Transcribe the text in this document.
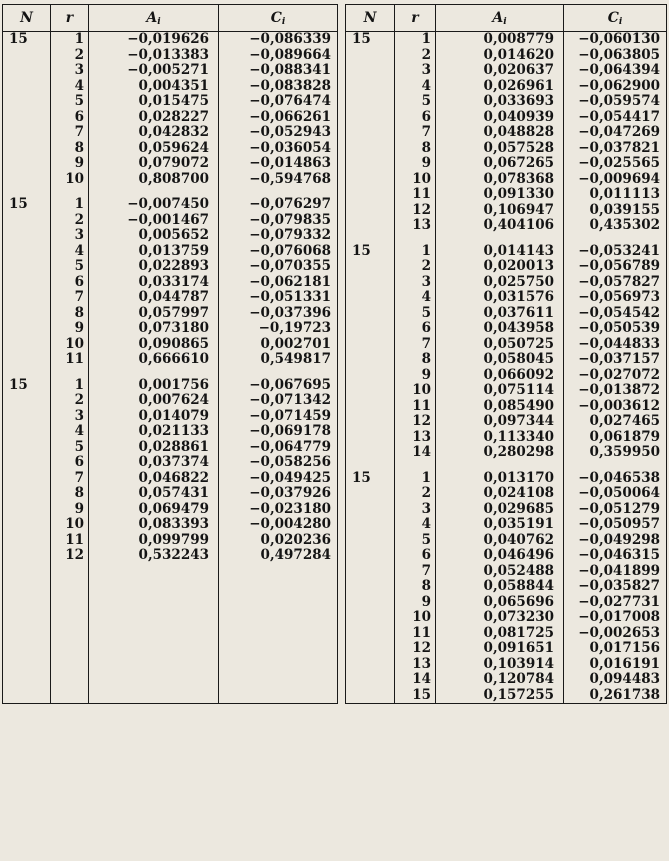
N	r	$A_i$	$C_i$
15	1	−0,019626	−0,086339
	2	−0,013383	−0,089664
	3	−0,005271	−0,088341
	4	0,004351	−0,083828
	5	0,015475	−0,076474
	6	0,028227	−0,066261
	7	0,042832	−0,052943
	8	0,059624	−0,036054
	9	0,079072	−0,014863
	10	0,808700	−0,594768

15	1	−0,007450	−0,076297
	2	−0,001467	−0,079835
	3	0,005652	−0,079332
	4	0,013759	−0,076068
	5	0,022893	−0,070355
	6	0,033174	−0,062181
	7	0,044787	−0,051331
	8	0,057997	−0,037396
	9	0,073180	−0,19723
	10	0,090865	0,002701
	11	0,666610	0,549817

15	1	0,001756	−0,067695
	2	0,007624	−0,071342
	3	0,014079	−0,071459
	4	0,021133	−0,069178
	5	0,028861	−0,064779
	6	0,037374	−0,058256
	7	0,046822	−0,049425
	8	0,057431	−0,037926
	9	0,069479	−0,023180
	10	0,083393	−0,004280
	11	0,099799	0,020236
	12	0,532243	0,497284

N	r	$A_i$	$C_i$
15	1	0,008779	−0,060130
	2	0,014620	−0,063805
	3	0,020637	−0,064394
	4	0,026961	−0,062900
	5	0,033693	−0,059574
	6	0,040939	−0,054417
	7	0,048828	−0,047269
	8	0,057528	−0,037821
	9	0,067265	−0,025565
	10	0,078368	−0,009694
	11	0,091330	0,011113
	12	0,106947	0,039155
	13	0,404106	0,435302

15	1	0,014143	−0,053241
	2	0,020013	−0,056789
	3	0,025750	−0,057827
	4	0,031576	−0,056973
	5	0,037611	−0,054542
	6	0,043958	−0,050539
	7	0,050725	−0,044833
	8	0,058045	−0,037157
	9	0,066092	−0,027072
	10	0,075114	−0,013872
	11	0,085490	−0,003612
	12	0,097344	0,027465
	13	0,113340	0,061879
	14	0,280298	0,359950

15	1	0,013170	−0,046538
	2	0,024108	−0,050064
	3	0,029685	−0,051279
	4	0,035191	−0,050957
	5	0,040762	−0,049298
	6	0,046496	−0,046315
	7	0,052488	−0,041899
	8	0,058844	−0,035827
	9	0,065696	−0,027731
	10	0,073230	−0,017008
	11	0,081725	−0,002653
	12	0,091651	0,017156
	13	0,103914	0,016191
	14	0,120784	0,094483
	15	0,157255	0,261738
